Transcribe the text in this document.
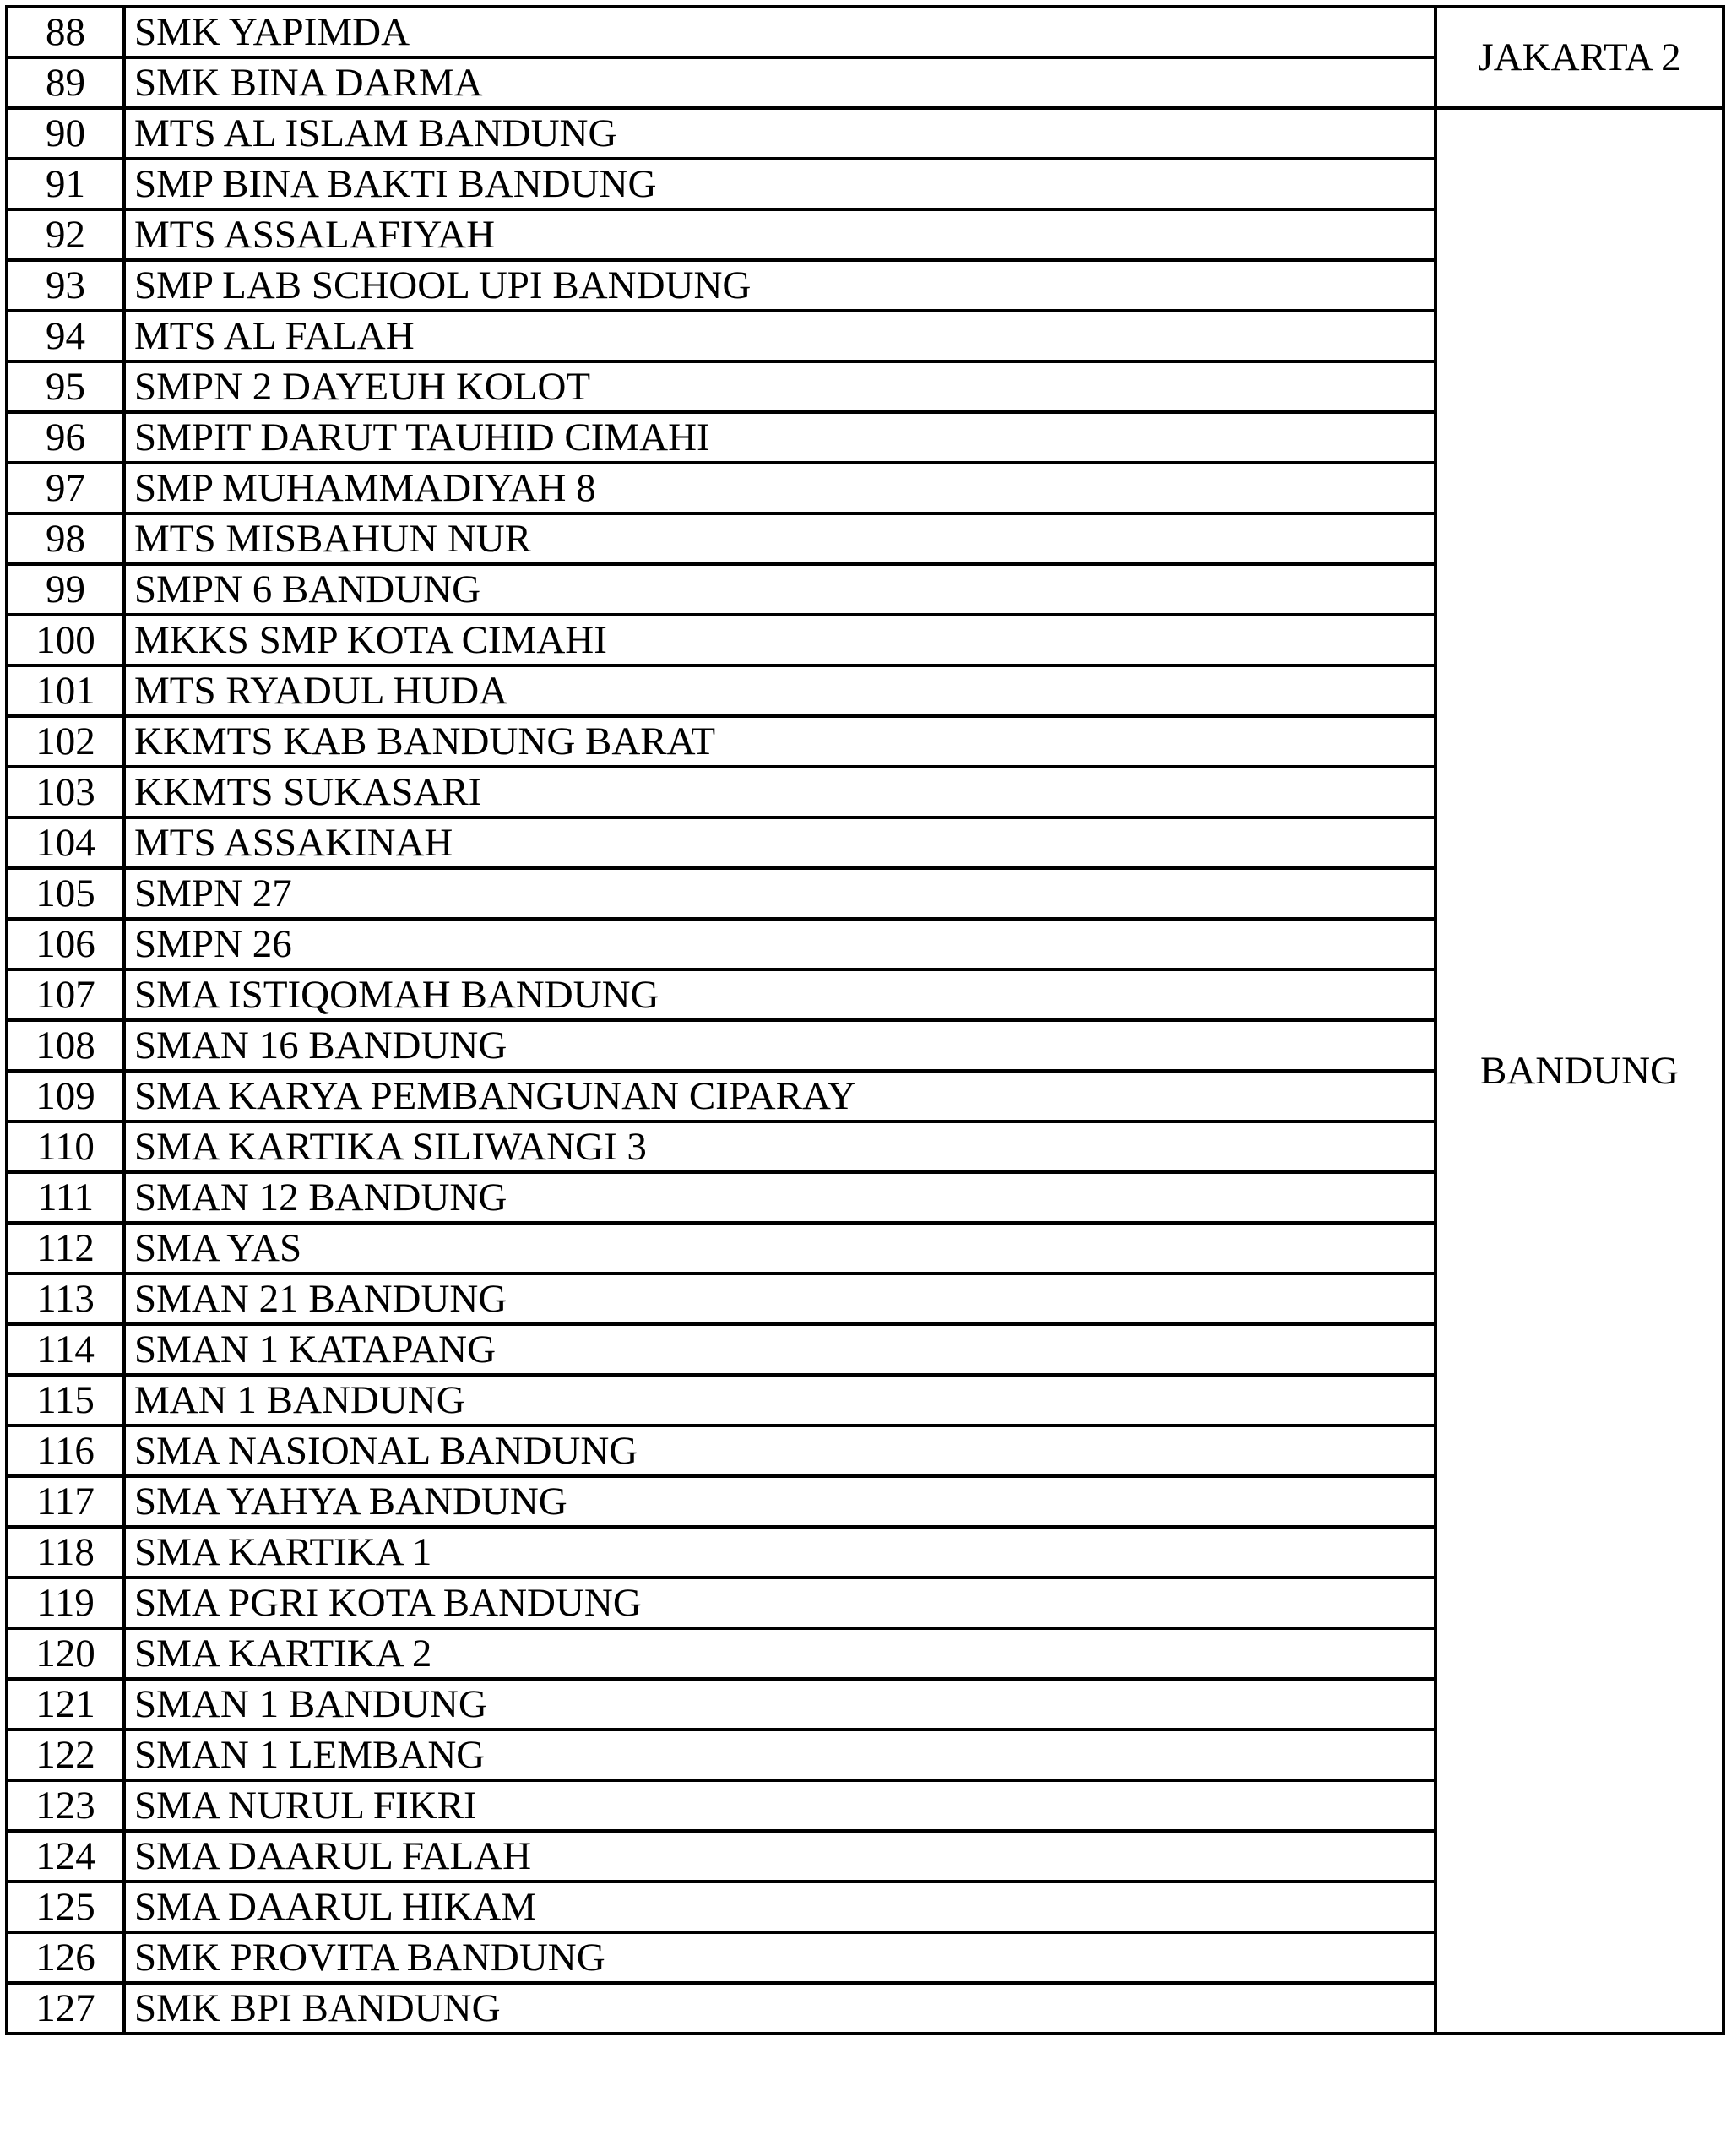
88	SMK YAPIMDA	JAKARTA 2
89	SMK BINA DARMA	
90	MTS AL ISLAM BANDUNG	BANDUNG
91	SMP BINA BAKTI BANDUNG	
92	MTS ASSALAFIYAH	
93	SMP LAB SCHOOL UPI BANDUNG	
94	MTS AL FALAH	
95	SMPN 2 DAYEUH KOLOT	
96	SMPIT DARUT TAUHID CIMAHI	
97	SMP MUHAMMADIYAH 8	
98	MTS MISBAHUN NUR	
99	SMPN 6 BANDUNG	
100	MKKS SMP KOTA CIMAHI	
101	MTS RYADUL HUDA	
102	KKMTS KAB BANDUNG BARAT	
103	KKMTS SUKASARI	
104	MTS ASSAKINAH	
105	SMPN 27	
106	SMPN 26	
107	SMA ISTIQOMAH BANDUNG	
108	SMAN 16 BANDUNG	
109	SMA KARYA PEMBANGUNAN CIPARAY	
110	SMA KARTIKA SILIWANGI 3	
111	SMAN 12 BANDUNG	
112	SMA YAS	
113	SMAN 21 BANDUNG	
114	SMAN 1 KATAPANG	
115	MAN 1 BANDUNG	
116	SMA NASIONAL BANDUNG	
117	SMA YAHYA BANDUNG	
118	SMA KARTIKA 1	
119	SMA PGRI KOTA BANDUNG	
120	SMA KARTIKA 2	
121	SMAN 1 BANDUNG	
122	SMAN 1 LEMBANG	
123	SMA NURUL FIKRI	
124	SMA DAARUL FALAH	
125	SMA DAARUL HIKAM	
126	SMK PROVITA BANDUNG	
127	SMK BPI BANDUNG	
